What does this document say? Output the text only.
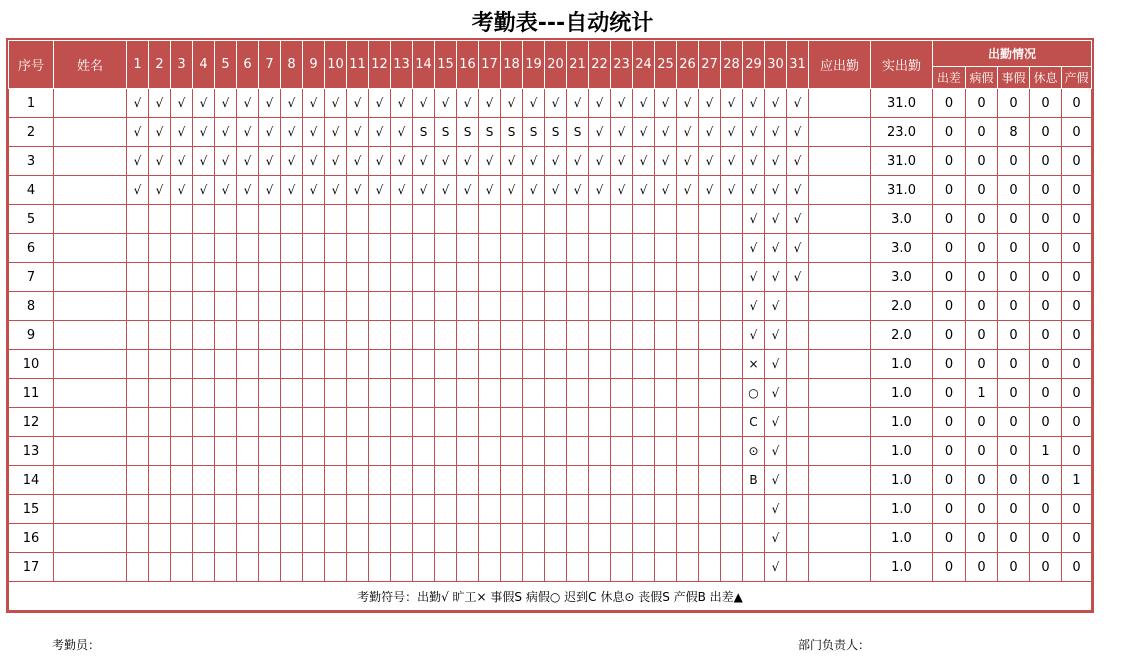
考勤表---自动统计
序号	姓名	1	2	3	4	5	6	7	8	9	10	11	12	13	14	15	16	17	18	19	20	21	22	23	24	25	26	27	28	29	30	31	应出勤	实出勤	出勤情况				
																																			出差	病假	事假	休息	产假
1		√	√	√	√	√	√	√	√	√	√	√	√	√	√	√	√	√	√	√	√	√	√	√	√	√	√	√	√	√	√	√		31.0	0	0	0	0	0
2		√	√	√	√	√	√	√	√	√	√	√	√	√	S	S	S	S	S	S	S	S	√	√	√	√	√	√	√	√	√	√		23.0	0	0	8	0	0
3		√	√	√	√	√	√	√	√	√	√	√	√	√	√	√	√	√	√	√	√	√	√	√	√	√	√	√	√	√	√	√		31.0	0	0	0	0	0
4		√	√	√	√	√	√	√	√	√	√	√	√	√	√	√	√	√	√	√	√	√	√	√	√	√	√	√	√	√	√	√		31.0	0	0	0	0	0
5																														√	√	√		3.0	0	0	0	0	0
6																														√	√	√		3.0	0	0	0	0	0
7																														√	√	√		3.0	0	0	0	0	0
8																														√	√			2.0	0	0	0	0	0
9																														√	√			2.0	0	0	0	0	0
10																														×	√			1.0	0	0	0	0	0
11																														○	√			1.0	0	1	0	0	0
12																														C	√			1.0	0	0	0	0	0
13																														⊙	√			1.0	0	0	0	1	0
14																														B	√			1.0	0	0	0	0	1
15																															√			1.0	0	0	0	0	0
16																															√			1.0	0	0	0	0	0
17																															√			1.0	0	0	0	0	0
考勤符号：出勤√ 旷工× 事假S 病假○ 迟到C 休息⊙ 丧假S 产假B 出差▲																																							
考勤员：	部门负责人：
